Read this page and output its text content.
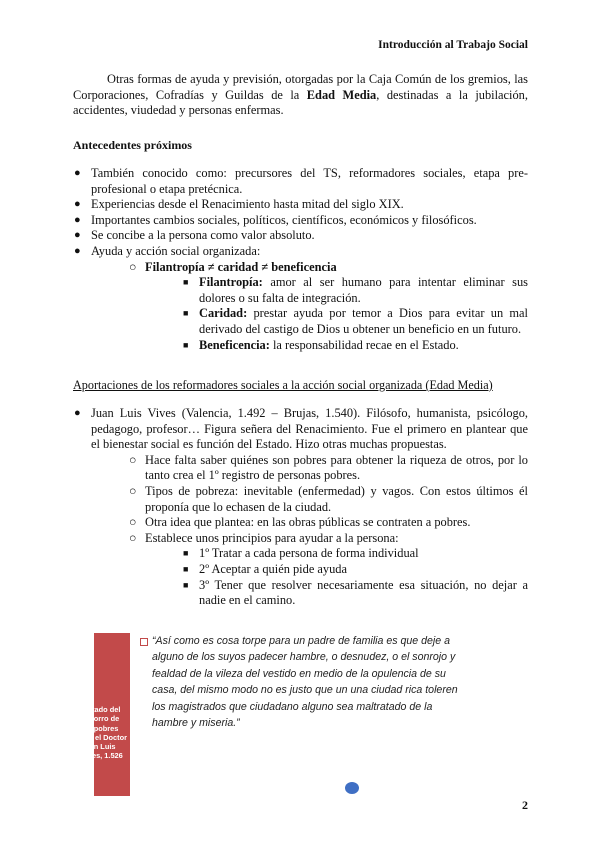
Introducción al Trabajo Social

Otras formas de ayuda y previsión, otorgadas por la Caja Común de los gremios, las Corporaciones, Cofradías y Guildas de la Edad Media, destinadas a la jubilación, accidentes, viudedad y personas enfermas.

Antecedentes próximos
● También conocido como: precursores del TS, reformadores sociales, etapa pre-profesional o etapa pretécnica.
● Experiencias desde el Renacimiento hasta mitad del siglo XIX.
● Importantes cambios sociales, políticos, científicos, económicos y filosóficos.
● Se concibe a la persona como valor absoluto.
● Ayuda y acción social organizada:
○ Filantropía ≠ caridad ≠ beneficencia
■ Filantropía: amor al ser humano para intentar eliminar sus dolores o su falta de integración.
■ Caridad: prestar ayuda por temor a Dios para evitar un mal derivado del castigo de Dios u obtener un beneficio en un futuro.
■ Beneficencia: la responsabilidad recae en el Estado.
Aportaciones de los reformadores sociales a la acción social organizada (Edad Media)
● Juan Luis Vives (Valencia, 1.492 – Brujas, 1.540). Filósofo, humanista, psicólogo, pedagogo, profesor… Figura señera del Renacimiento. Fue el primero en plantear que el bienestar social es función del Estado. Hizo otras muchas propuestas.
○ Hace falta saber quiénes son pobres para obtener la riqueza de otros, por lo tanto crea el 1º registro de personas pobres.
○ Tipos de pobreza: inevitable (enfermedad) y vagos. Con estos últimos él proponía que lo echasen de la ciudad.
○ Otra idea que plantea: en las obras públicas se contraten a pobres.
○ Establece unos principios para ayudar a la persona:
■ 1º Tratar a cada persona de forma individual
■ 2º Aceptar a quién pide ayuda
■ 3º Tener que resolver necesariamente esa situación, no dejar a nadie en el camino.
Tratado del socorro de los pobres por el Doctor Juan Luis Vives, 1.526
“Así como es cosa torpe para un padre de familia es que deje a alguno de los suyos padecer hambre, o desnudez, o el sonrojo y fealdad de la vileza del vestido en medio de la opulencia de su casa, del mismo modo no es justo que un una ciudad rica toleren los magistrados que ciudadano alguno sea maltratado de la hambre y miseria.”
2
